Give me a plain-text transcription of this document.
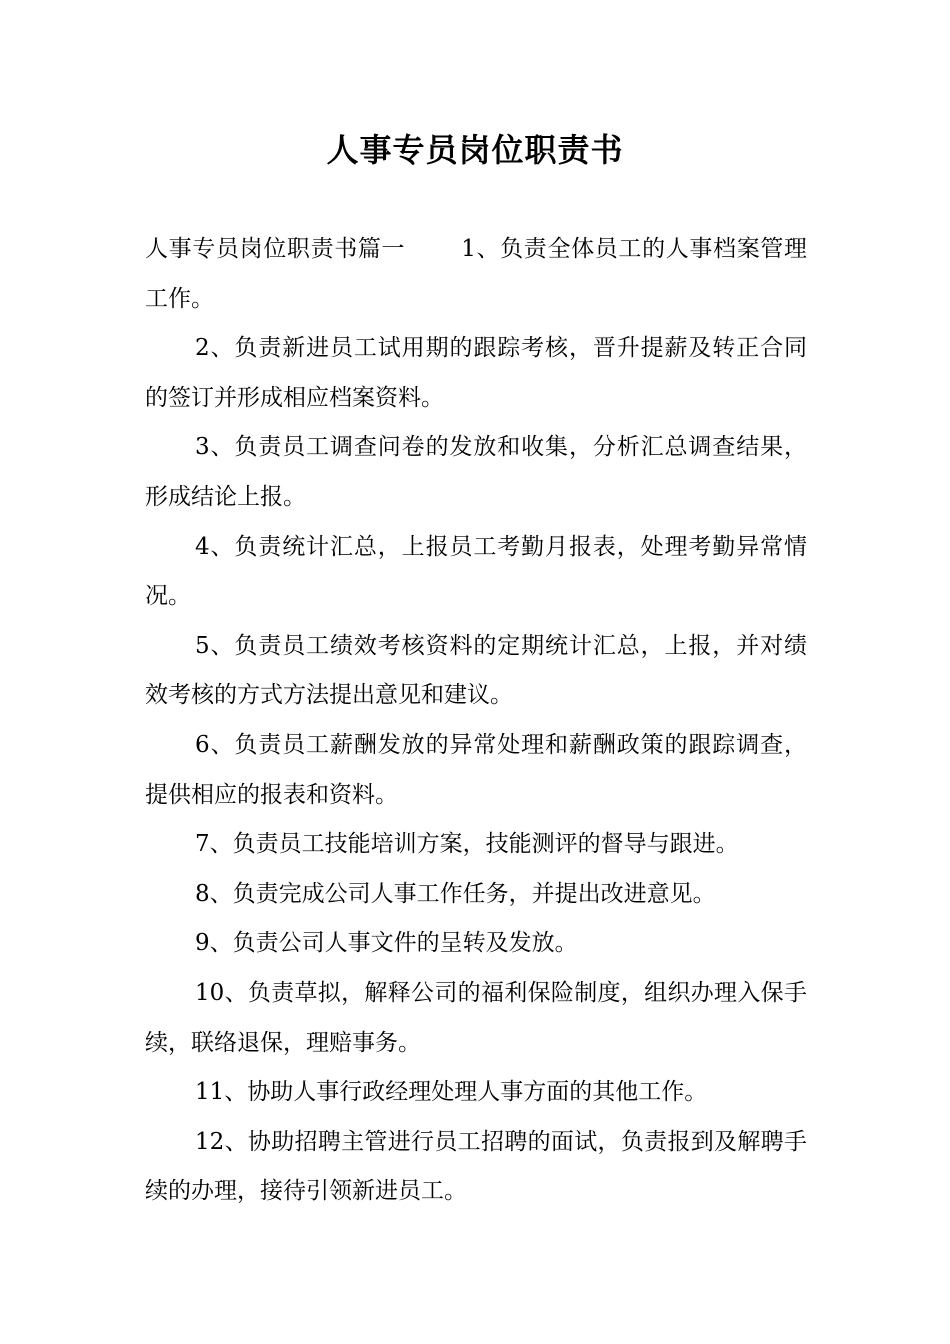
人事专员岗位职责书

人事专员岗位职责书篇一 1、负责全体员工的人事档案管理工作。

2、负责新进员工试用期的跟踪考核，晋升提薪及转正合同的签订并形成相应档案资料。

3、负责员工调查问卷的发放和收集，分析汇总调查结果，形成结论上报。

4、负责统计汇总，上报员工考勤月报表，处理考勤异常情况。

5、负责员工绩效考核资料的定期统计汇总，上报，并对绩效考核的方式方法提出意见和建议。

6、负责员工薪酬发放的异常处理和薪酬政策的跟踪调查，提供相应的报表和资料。

7、负责员工技能培训方案，技能测评的督导与跟进。

8、负责完成公司人事工作任务，并提出改进意见。

9、负责公司人事文件的呈转及发放。

10、负责草拟，解释公司的福利保险制度，组织办理入保手续，联络退保，理赔事务。

11、协助人事行政经理处理人事方面的其他工作。

12、协助招聘主管进行员工招聘的面试，负责报到及解聘手续的办理，接待引领新进员工。
